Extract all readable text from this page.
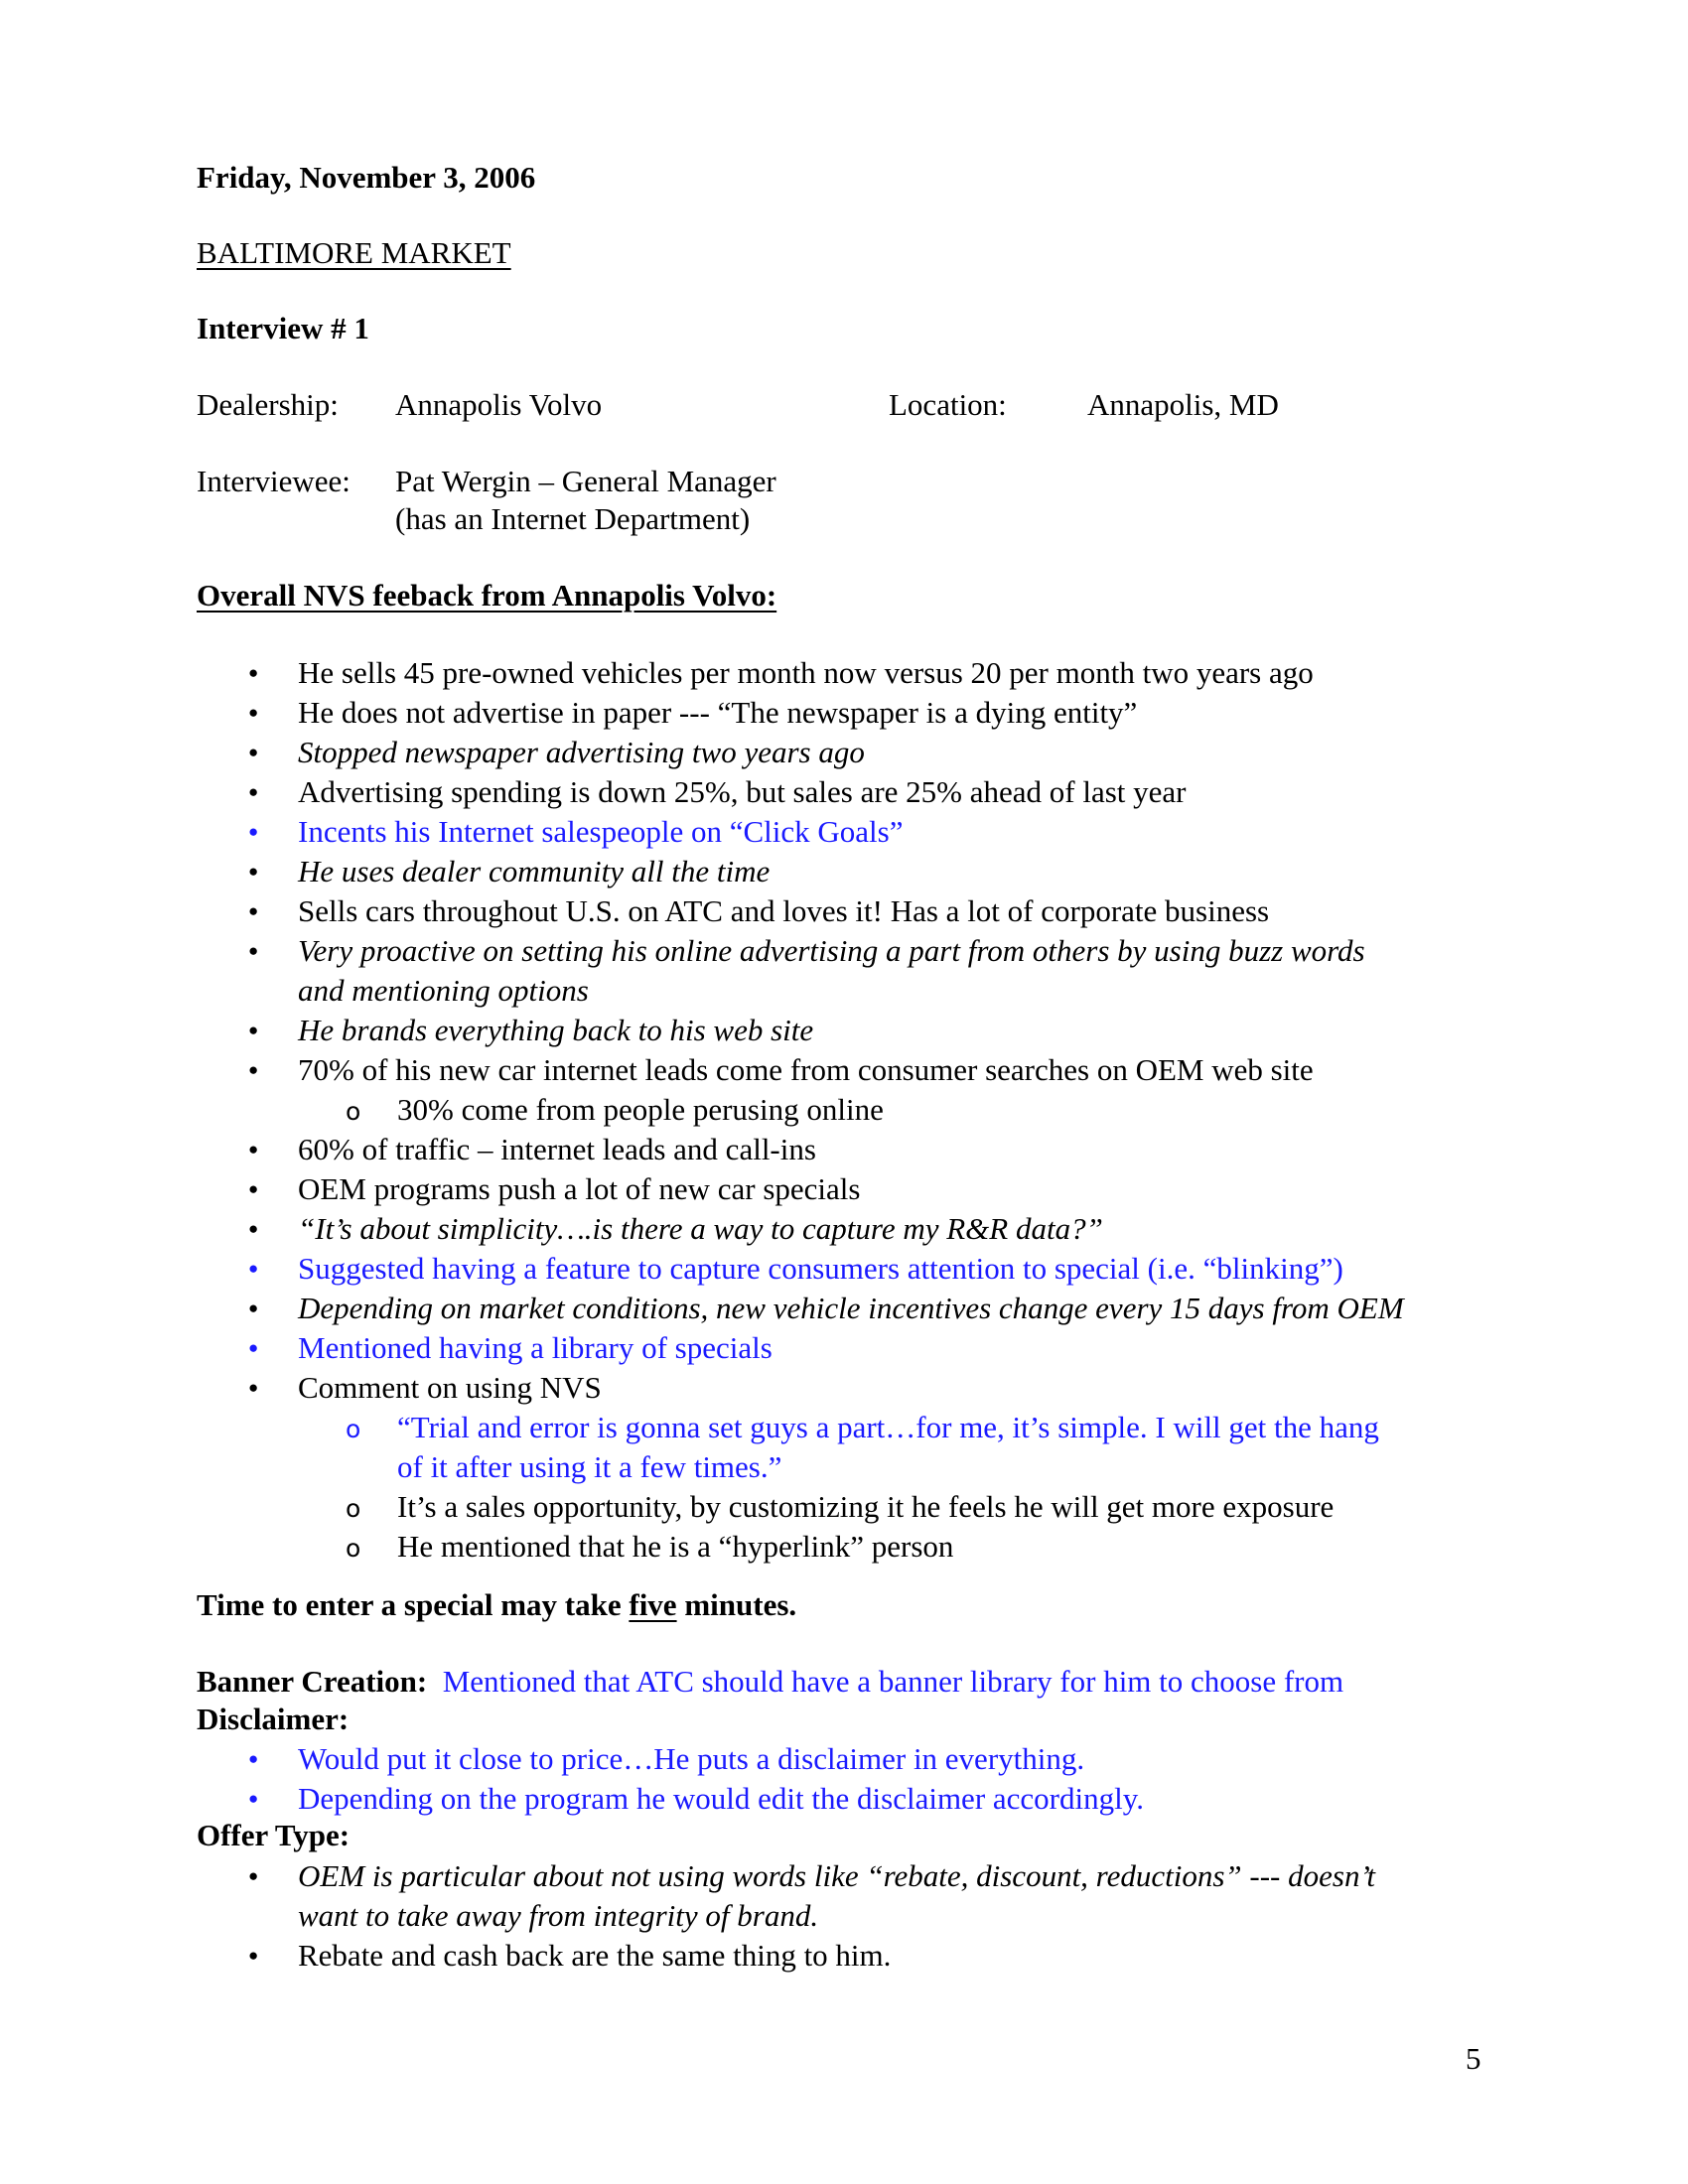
Friday, November 3, 2006
BALTIMORE MARKET
Interview # 1
Dealership: Annapolis Volvo	Location:	Annapolis, MD
Interviewee: Pat Wergin – General Manager
(has an Internet Department)
Overall NVS feeback from Annapolis Volvo:
● He sells 45 pre-owned vehicles per month now versus 20 per month two years ago
● He does not advertise in paper --- “The newspaper is a dying entity”
● Stopped newspaper advertising two years ago
● Advertising spending is down 25%, but sales are 25% ahead of last year
● Incents his Internet salespeople on “Click Goals”
● He uses dealer community all the time
● Sells cars throughout U.S. on ATC and loves it! Has a lot of corporate business
● Very proactive on setting his online advertising a part from others by using buzz words
and mentioning options
● He brands everything back to his web site
● 70% of his new car internet leads come from consumer searches on OEM web site
o 30% come from people perusing online
● 60% of traffic – internet leads and call-ins
● OEM programs push a lot of new car specials
● “It’s about simplicity….is there a way to capture my R&R data?”
● Suggested having a feature to capture consumers attention to special (i.e. “blinking”)
● Depending on market conditions, new vehicle incentives change every 15 days from OEM
● Mentioned having a library of specials
● Comment on using NVS
o “Trial and error is gonna set guys a part…for me, it’s simple. I will get the hang
of it after using it a few times.”
o It’s a sales opportunity, by customizing it he feels he will get more exposure
o He mentioned that he is a “hyperlink” person
Time to enter a special may take five minutes.
Banner Creation: Mentioned that ATC should have a banner library for him to choose from
Disclaimer:
● Would put it close to price…He puts a disclaimer in everything.
● Depending on the program he would edit the disclaimer accordingly.
Offer Type:
● OEM is particular about not using words like “rebate, discount, reductions” --- doesn’t
want to take away from integrity of brand.
● Rebate and cash back are the same thing to him.
5
